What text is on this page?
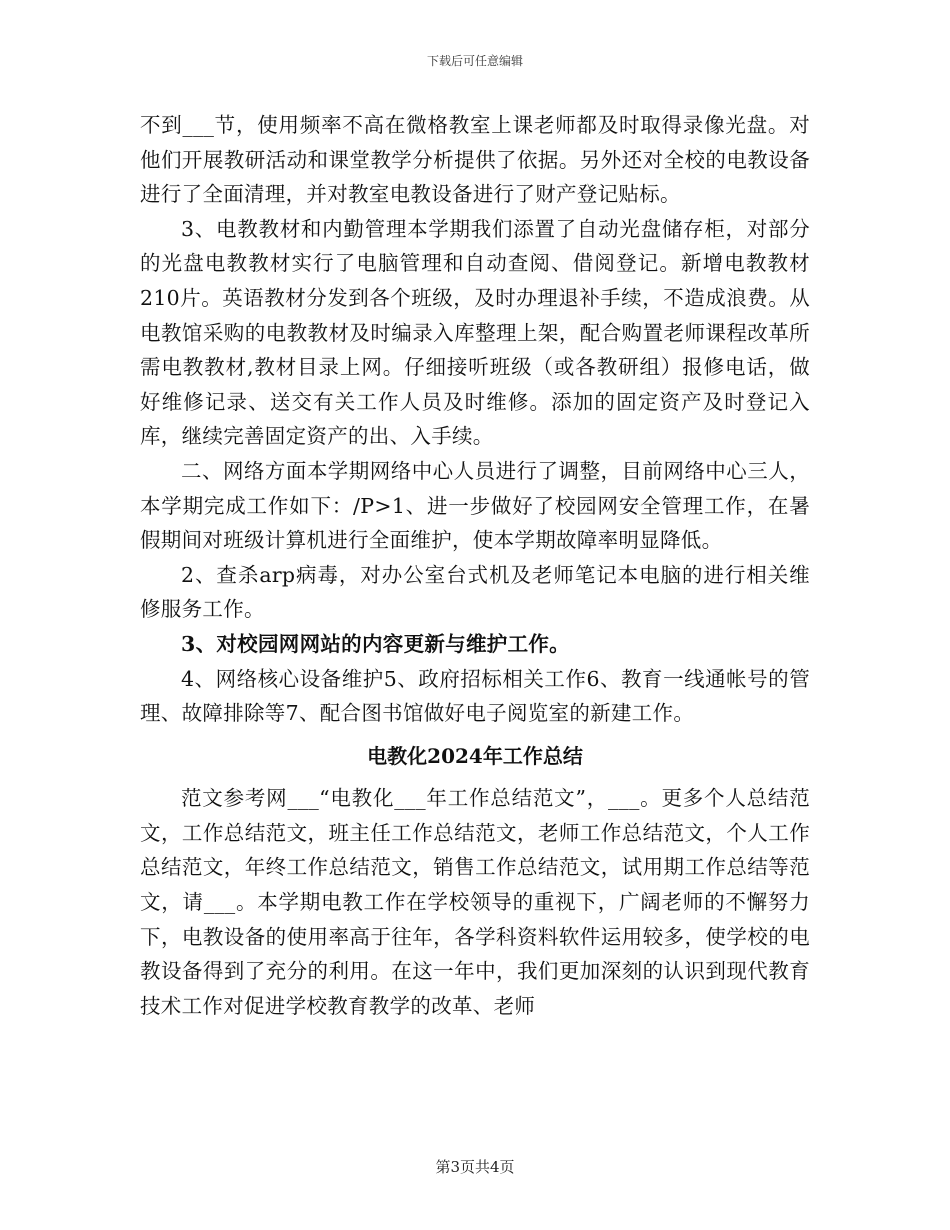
下载后可任意编辑

不到___节，使用频率不高在微格教室上课老师都及时取得录像光盘。对他们开展教研活动和课堂教学分析提供了依据。另外还对全校的电教设备进行了全面清理，并对教室电教设备进行了财产登记贴标。

3、电教教材和内勤管理本学期我们添置了自动光盘储存柜，对部分的光盘电教教材实行了电脑管理和自动查阅、借阅登记。新增电教教材210片。英语教材分发到各个班级，及时办理退补手续，不造成浪费。从电教馆采购的电教教材及时编录入库整理上架，配合购置老师课程改革所需电教教材,教材目录上网。仔细接听班级（或各教研组）报修电话，做好维修记录、送交有关工作人员及时维修。添加的固定资产及时登记入库，继续完善固定资产的出、入手续。

二、网络方面本学期网络中心人员进行了调整，目前网络中心三人，本学期完成工作如下：/P>1、进一步做好了校园网安全管理工作，在暑假期间对班级计算机进行全面维护，使本学期故障率明显降低。

2、查杀arp病毒，对办公室台式机及老师笔记本电脑的进行相关维修服务工作。

3、对校园网网站的内容更新与维护工作。

4、网络核心设备维护5、政府招标相关工作6、教育一线通帐号的管理、故障排除等7、配合图书馆做好电子阅览室的新建工作。

电教化2024年工作总结

范文参考网___“电教化___年工作总结范文”，___。更多个人总结范文，工作总结范文，班主任工作总结范文，老师工作总结范文，个人工作总结范文，年终工作总结范文，销售工作总结范文，试用期工作总结等范文，请___。本学期电教工作在学校领导的重视下，广阔老师的不懈努力下，电教设备的使用率高于往年，各学科资料软件运用较多，使学校的电教设备得到了充分的利用。在这一年中，我们更加深刻的认识到现代教育技术工作对促进学校教育教学的改革、老师

第3页共4页
